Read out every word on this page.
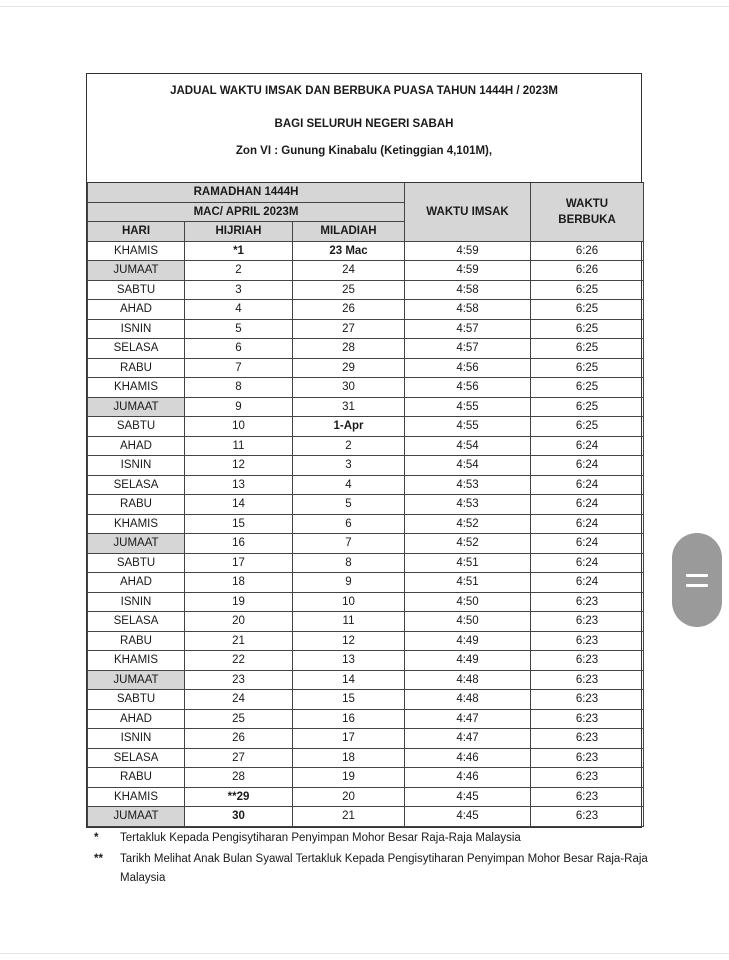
JADUAL WAKTU IMSAK DAN BERBUKA PUASA TAHUN 1444H / 2023M
BAGI SELURUH NEGERI SABAH
Zon VI : Gunung Kinabalu (Ketinggian 4,101M),
RAMADHAN 1444H			WAKTU IMSAK	WAKTU BERBUKA
MAC/ APRIL 2023M				
HARI	HIJRIAH	MILADIAH		
KHAMIS	*1	23 Mac	4:59	6:26
JUMAAT	2	24	4:59	6:26
SABTU	3	25	4:58	6:25
AHAD	4	26	4:58	6:25
ISNIN	5	27	4:57	6:25
SELASA	6	28	4:57	6:25
RABU	7	29	4:56	6:25
KHAMIS	8	30	4:56	6:25
JUMAAT	9	31	4:55	6:25
SABTU	10	1-Apr	4:55	6:25
AHAD	11	2	4:54	6:24
ISNIN	12	3	4:54	6:24
SELASA	13	4	4:53	6:24
RABU	14	5	4:53	6:24
KHAMIS	15	6	4:52	6:24
JUMAAT	16	7	4:52	6:24
SABTU	17	8	4:51	6:24
AHAD	18	9	4:51	6:24
ISNIN	19	10	4:50	6:23
SELASA	20	11	4:50	6:23
RABU	21	12	4:49	6:23
KHAMIS	22	13	4:49	6:23
JUMAAT	23	14	4:48	6:23
SABTU	24	15	4:48	6:23
AHAD	25	16	4:47	6:23
ISNIN	26	17	4:47	6:23
SELASA	27	18	4:46	6:23
RABU	28	19	4:46	6:23
KHAMIS	**29	20	4:45	6:23
JUMAAT	30	21	4:45	6:23
* Tertakluk Kepada Pengisytiharan Penyimpan Mohor Besar Raja-Raja Malaysia
** Tarikh Melihat Anak Bulan Syawal Tertakluk Kepada Pengisytiharan Penyimpan Mohor Besar Raja-Raja Malaysia
